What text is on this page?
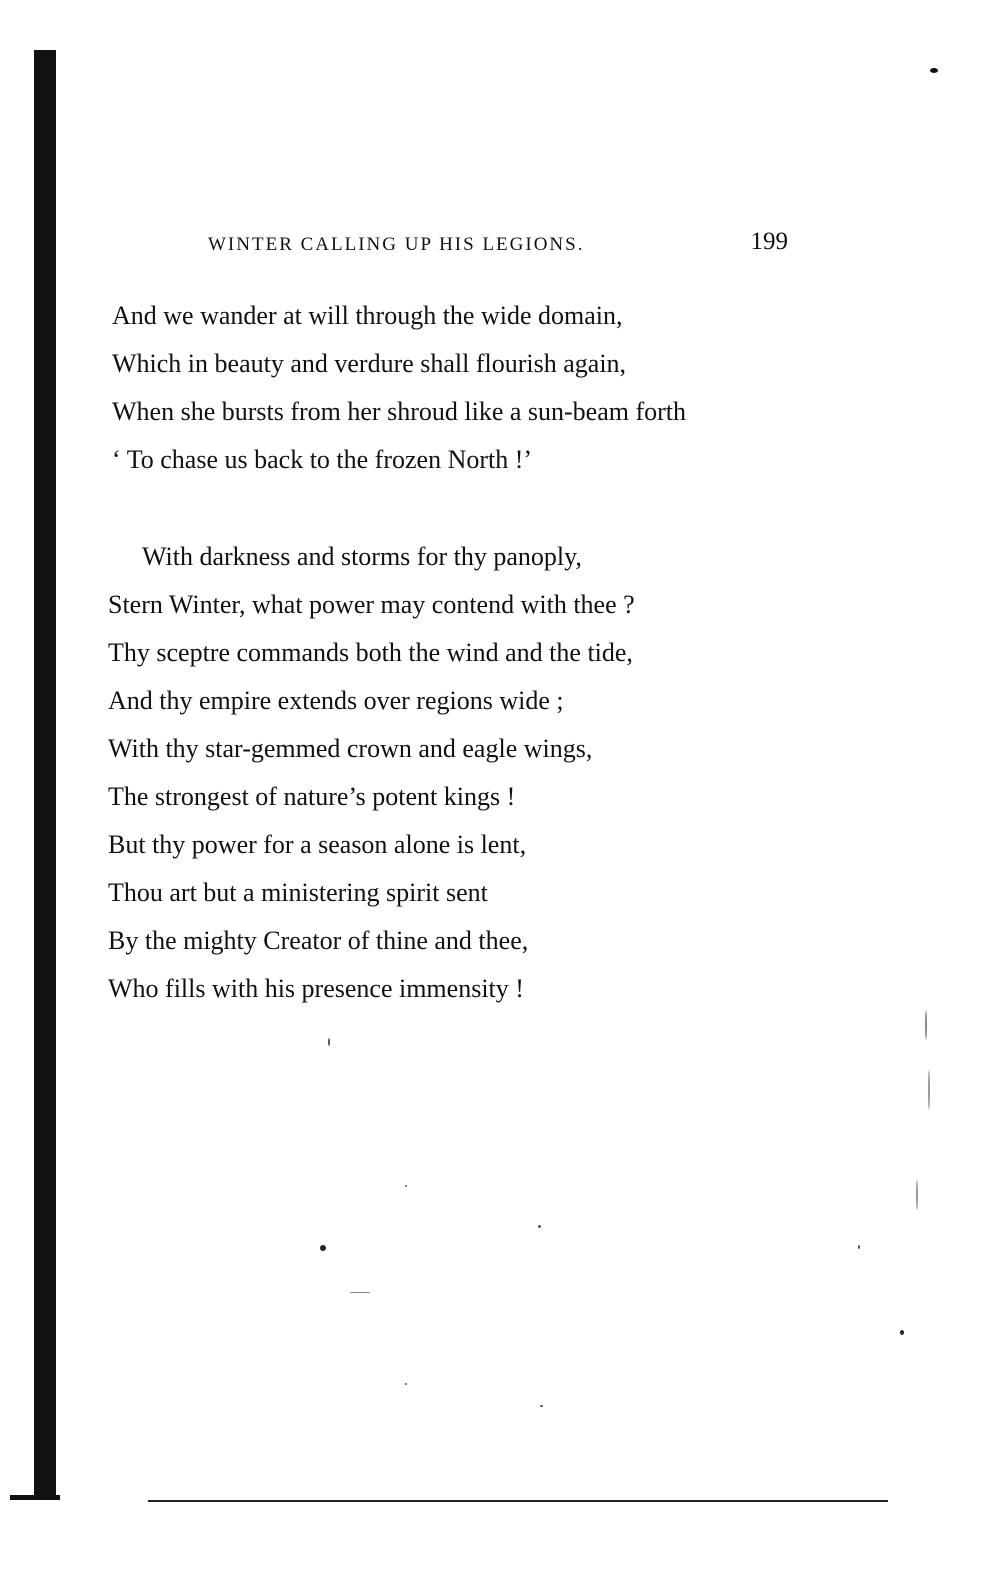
WINTER CALLING UP HIS LEGIONS.	199
And we wander at will through the wide domain,
Which in beauty and verdure shall flourish again,
When she bursts from her shroud like a sun-beam forth
‘ To chase us back to the frozen North !’
With darkness and storms for thy panoply,
Stern Winter, what power may contend with thee ?
Thy sceptre commands both the wind and the tide,
And thy empire extends over regions wide ;
With thy star-gemmed crown and eagle wings,
The strongest of nature’s potent kings !
But thy power for a season alone is lent,
Thou art but a ministering spirit sent
By the mighty Creator of thine and thee,
Who fills with his presence immensity !
